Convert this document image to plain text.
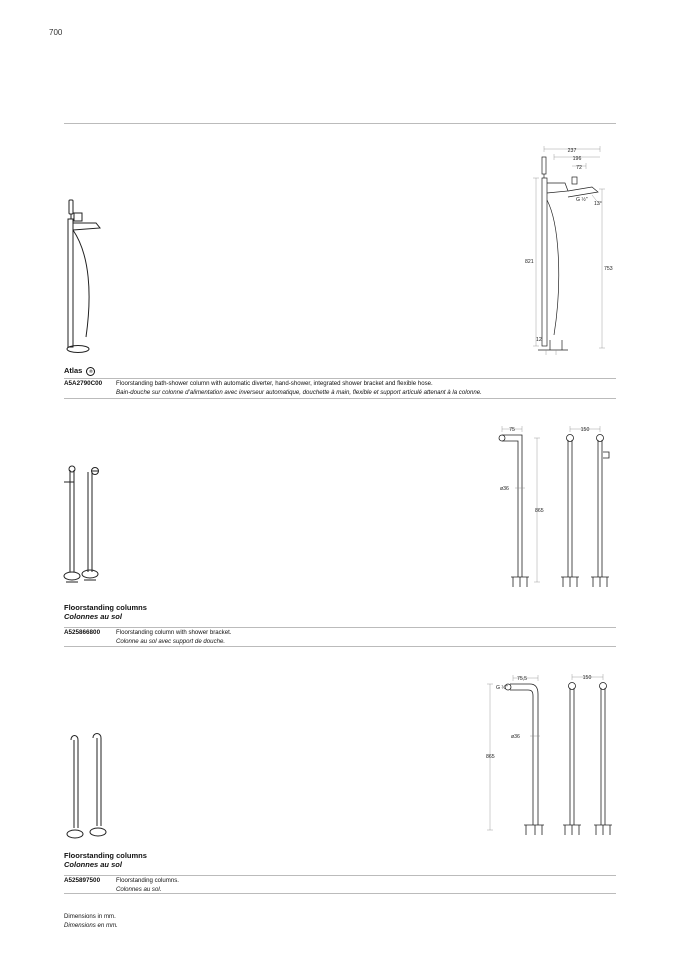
700
Atlas ®
A5A2790C00 Floorstanding bath-shower column with automatic diverter, hand-shower, integrated shower bracket and flexible hose.
Bain-douche sur colonne d’alimentation avec inverseur automatique, douchette à main, flexible et support articulé attenant à la colonne.
237
196
72
G ½"
821
753
12
13°
Floorstanding columns
Colonnes au sol
A525866800	Floorstanding column with shower bracket.
Colonne au sol avec support de douche.
75	150
ø36
865
Floorstanding columns
Colonnes au sol
A525897500	Floorstanding columns.
Colonnes au sol.
75,5	150
G ½"
ø36
865
Dimensions in mm.
Dimensions en mm.
